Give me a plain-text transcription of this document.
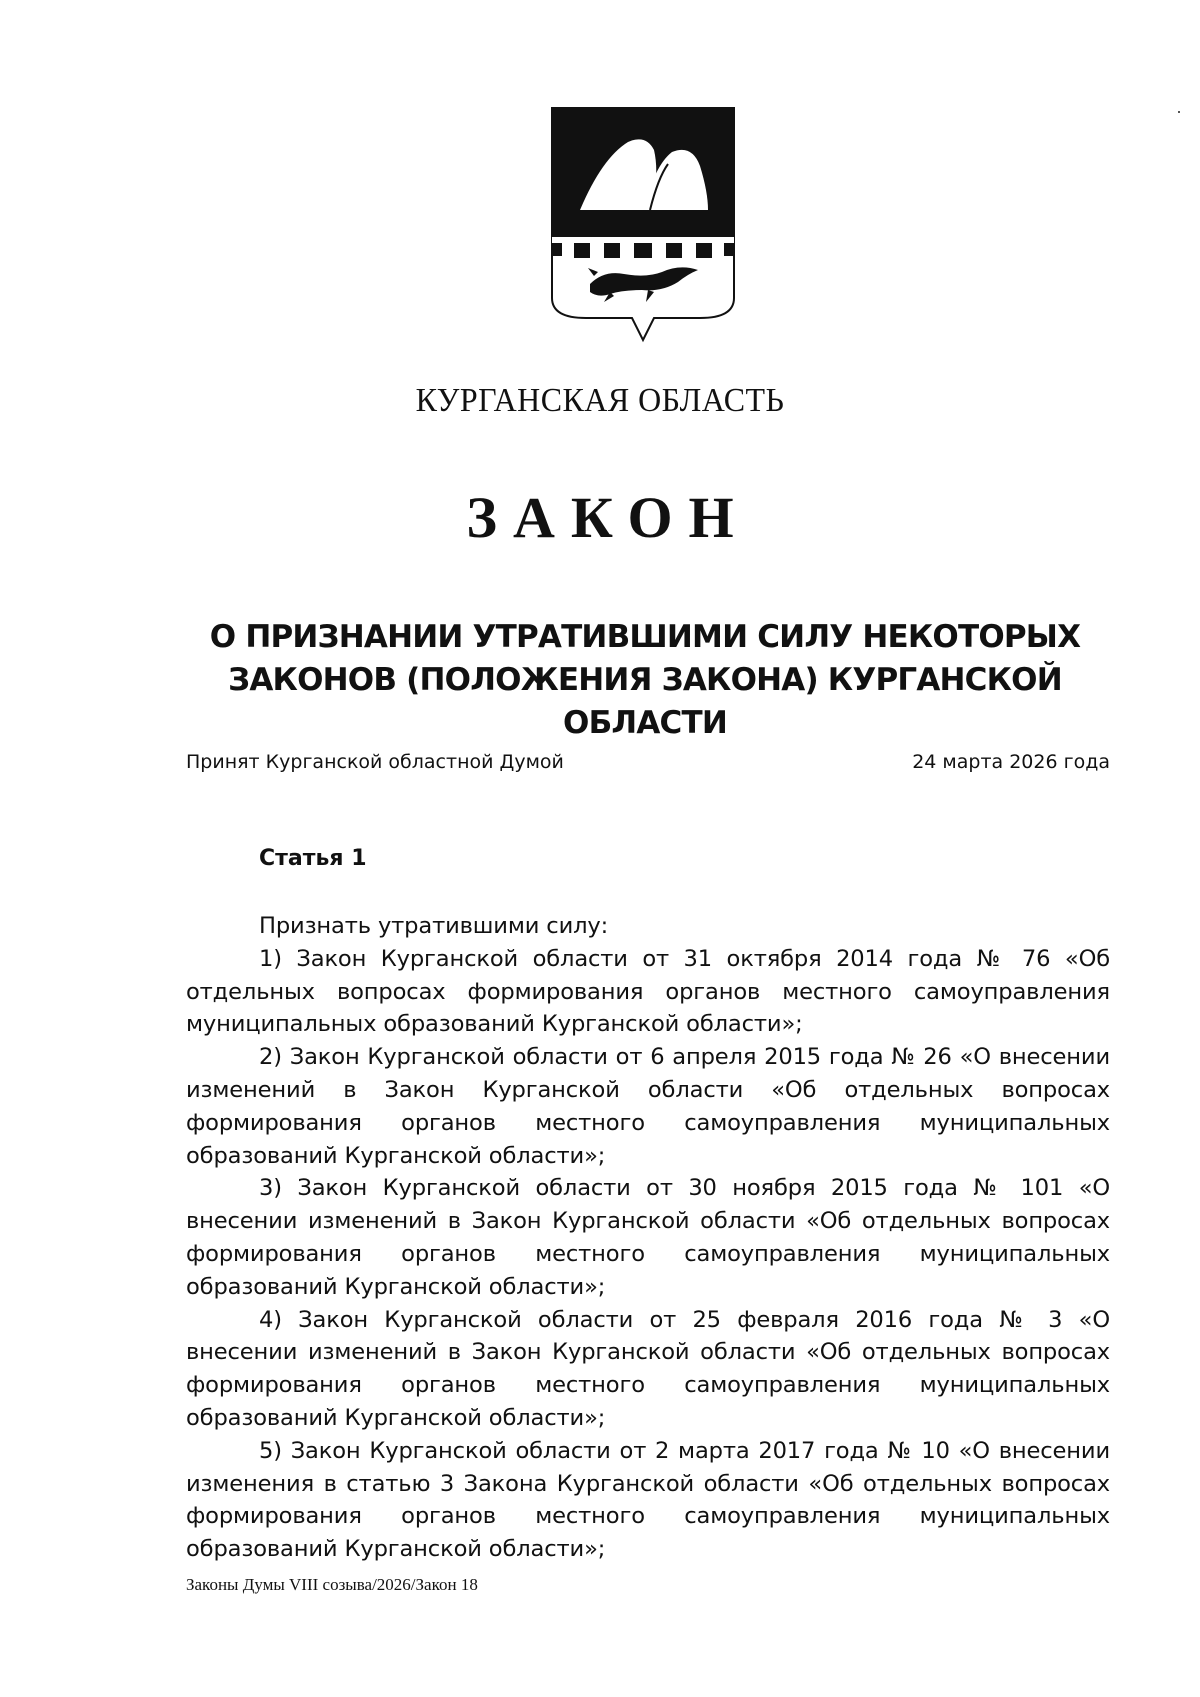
КУРГАНСКАЯ ОБЛАСТЬ
ЗАКОН
О ПРИЗНАНИИ УТРАТИВШИМИ СИЛУ НЕКОТОРЫХ
ЗАКОНОВ (ПОЛОЖЕНИЯ ЗАКОНА) КУРГАНСКОЙ ОБЛАСТИ
Принят Курганской областной Думой	24 марта 2026 года
Статья 1

Признать утратившими силу:

1) Закон Курганской области от 31 октября 2014 года № 76 «Об отдельных вопросах формирования органов местного самоуправления муниципальных образований Курганской области»;

2) Закон Курганской области от 6 апреля 2015 года № 26 «О внесении изменений в Закон Курганской области «Об отдельных вопросах формирования органов местного самоуправления муниципальных образований Курганской области»;

3) Закон Курганской области от 30 ноября 2015 года № 101 «О внесении изменений в Закон Курганской области «Об отдельных вопросах формирования органов местного самоуправления муниципальных образований Курганской области»;

4) Закон Курганской области от 25 февраля 2016 года № 3 «О внесении изменений в Закон Курганской области «Об отдельных вопросах формирования органов местного самоуправления муниципальных образований Курганской области»;

5) Закон Курганской области от 2 марта 2017 года № 10 «О внесении изменения в статью 3 Закона Курганской области «Об отдельных вопросах формирования органов местного самоуправления муниципальных образований Курганской области»;

Законы Думы VIII созыва/2026/Закон 18
